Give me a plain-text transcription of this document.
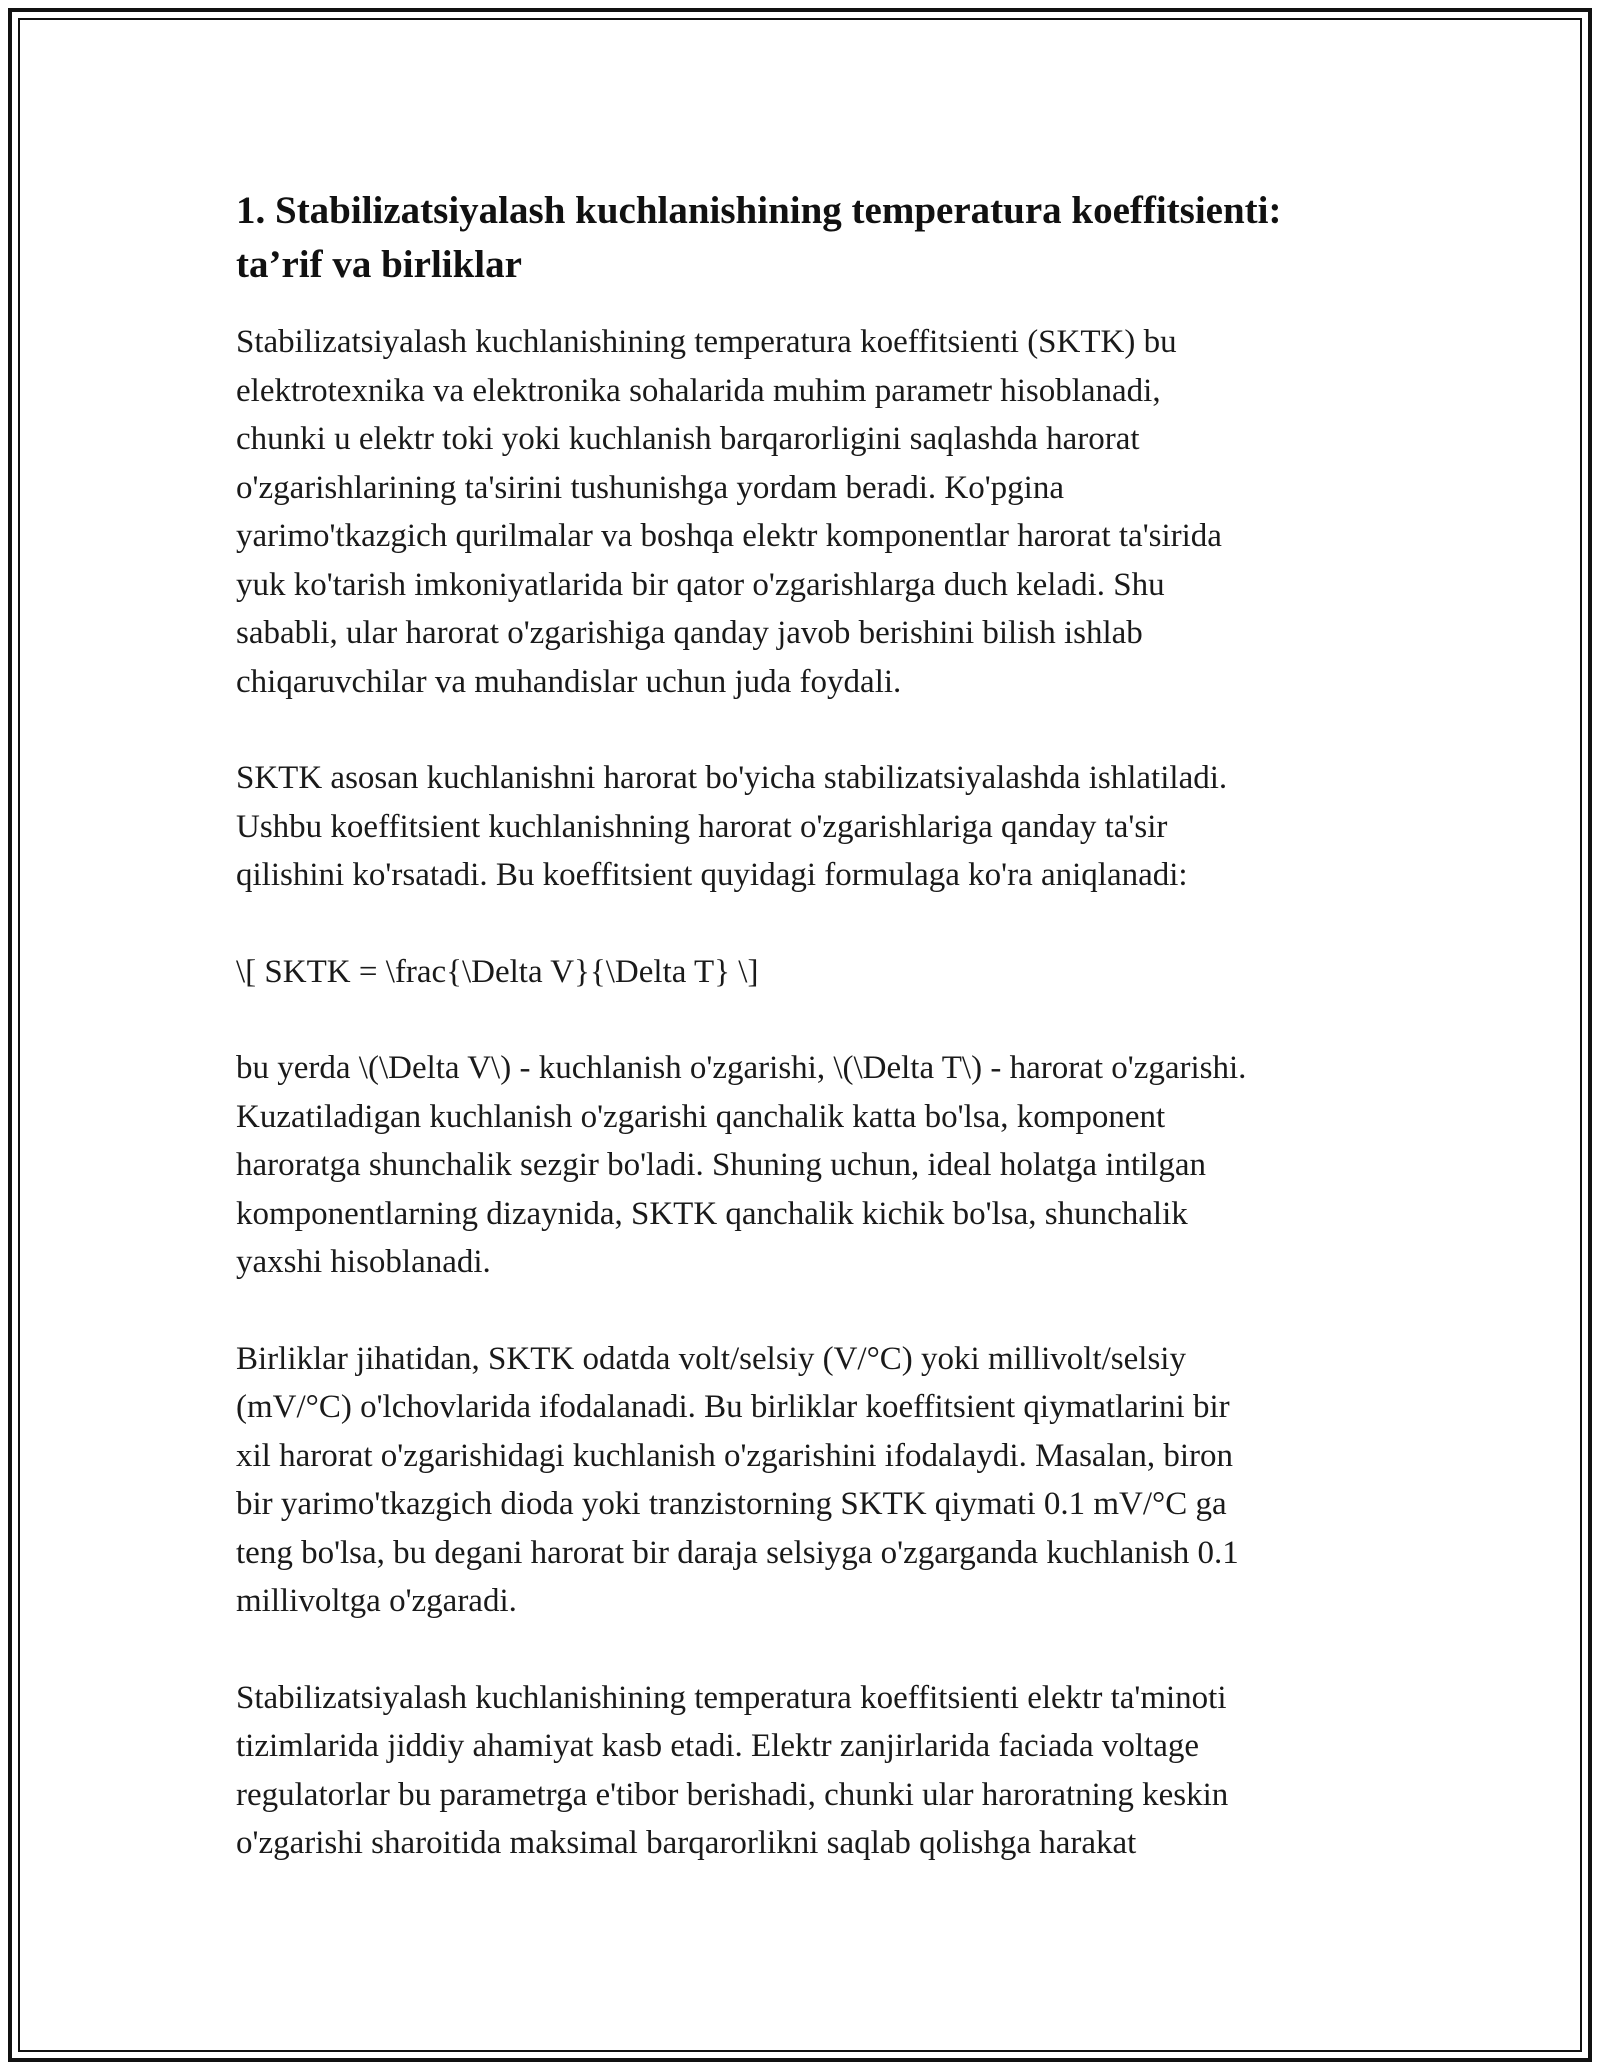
1. Stabilizatsiyalash kuchlanishining temperatura koeffitsienti:
ta’rif va birliklar

Stabilizatsiyalash kuchlanishining temperatura koeffitsienti (SKTK) bu
elektrotexnika va elektronika sohalarida muhim parametr hisoblanadi,
chunki u elektr toki yoki kuchlanish barqarorligini saqlashda harorat
o'zgarishlarining ta'sirini tushunishga yordam beradi. Ko'pgina
yarimo'tkazgich qurilmalar va boshqa elektr komponentlar harorat ta'sirida
yuk ko'tarish imkoniyatlarida bir qator o'zgarishlarga duch keladi. Shu
sababli, ular harorat o'zgarishiga qanday javob berishini bilish ishlab
chiqaruvchilar va muhandislar uchun juda foydali.

SKTK asosan kuchlanishni harorat bo'yicha stabilizatsiyalashda ishlatiladi.
Ushbu koeffitsient kuchlanishning harorat o'zgarishlariga qanday ta'sir
qilishini ko'rsatadi. Bu koeffitsient quyidagi formulaga ko'ra aniqlanadi:

\[ SKTK = \frac{\Delta V}{\Delta T} \]

bu yerda \(\Delta V\) - kuchlanish o'zgarishi, \(\Delta T\) - harorat o'zgarishi.
Kuzatiladigan kuchlanish o'zgarishi qanchalik katta bo'lsa, komponent
haroratga shunchalik sezgir bo'ladi. Shuning uchun, ideal holatga intilgan
komponentlarning dizaynida, SKTK qanchalik kichik bo'lsa, shunchalik
yaxshi hisoblanadi.

Birliklar jihatidan, SKTK odatda volt/selsiy (V/°C) yoki millivolt/selsiy
(mV/°C) o'lchovlarida ifodalanadi. Bu birliklar koeffitsient qiymatlarini bir
xil harorat o'zgarishidagi kuchlanish o'zgarishini ifodalaydi. Masalan, biron
bir yarimo'tkazgich dioda yoki tranzistorning SKTK qiymati 0.1 mV/°C ga
teng bo'lsa, bu degani harorat bir daraja selsiyga o'zgarganda kuchlanish 0.1
millivoltga o'zgaradi.

Stabilizatsiyalash kuchlanishining temperatura koeffitsienti elektr ta'minoti
tizimlarida jiddiy ahamiyat kasb etadi. Elektr zanjirlarida faciada voltage
regulatorlar bu parametrga e'tibor berishadi, chunki ular haroratning keskin
o'zgarishi sharoitida maksimal barqarorlikni saqlab qolishga harakat
